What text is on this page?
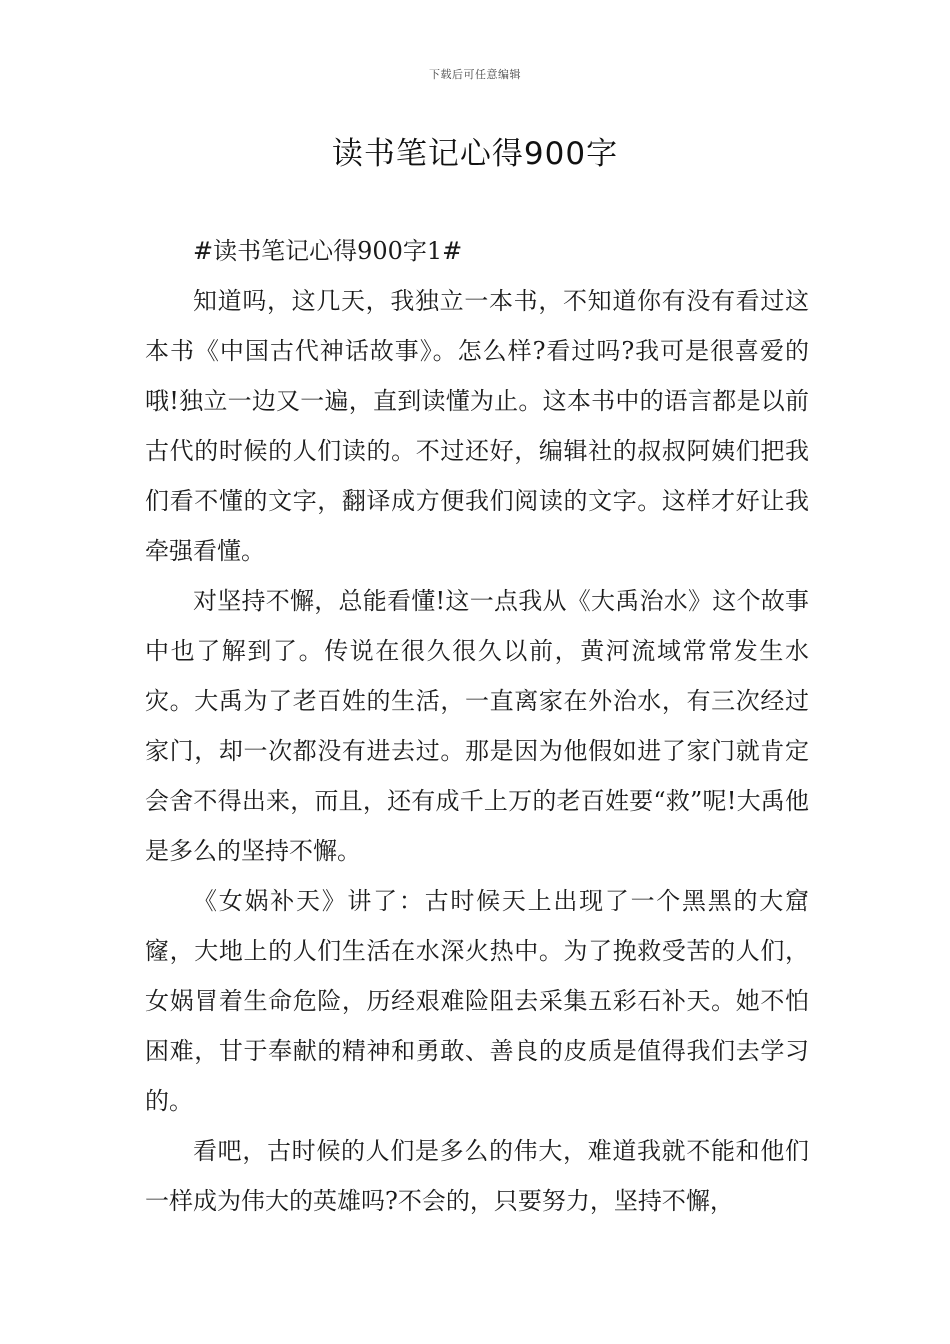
下载后可任意编辑
读书笔记心得900字

#读书笔记心得900字1#

知道吗，这几天，我独立一本书，不知道你有没有看过这本书《中国古代神话故事》。怎么样?看过吗?我可是很喜爱的哦!独立一边又一遍，直到读懂为止。这本书中的语言都是以前古代的时候的人们读的。不过还好，编辑社的叔叔阿姨们把我们看不懂的文字，翻译成方便我们阅读的文字。这样才好让我牵强看懂。

对坚持不懈，总能看懂!这一点我从《大禹治水》这个故事中也了解到了。传说在很久很久以前，黄河流域常常发生水灾。大禹为了老百姓的生活，一直离家在外治水，有三次经过家门，却一次都没有进去过。那是因为他假如进了家门就肯定会舍不得出来，而且，还有成千上万的老百姓要“救”呢!大禹他是多么的坚持不懈。

《女娲补天》讲了：古时候天上出现了一个黑黑的大窟窿，大地上的人们生活在水深火热中。为了挽救受苦的人们，女娲冒着生命危险，历经艰难险阻去采集五彩石补天。她不怕困难，甘于奉献的精神和勇敢、善良的皮质是值得我们去学习的。

看吧，古时候的人们是多么的伟大，难道我就不能和他们一样成为伟大的英雄吗?不会的，只要努力，坚持不懈，
